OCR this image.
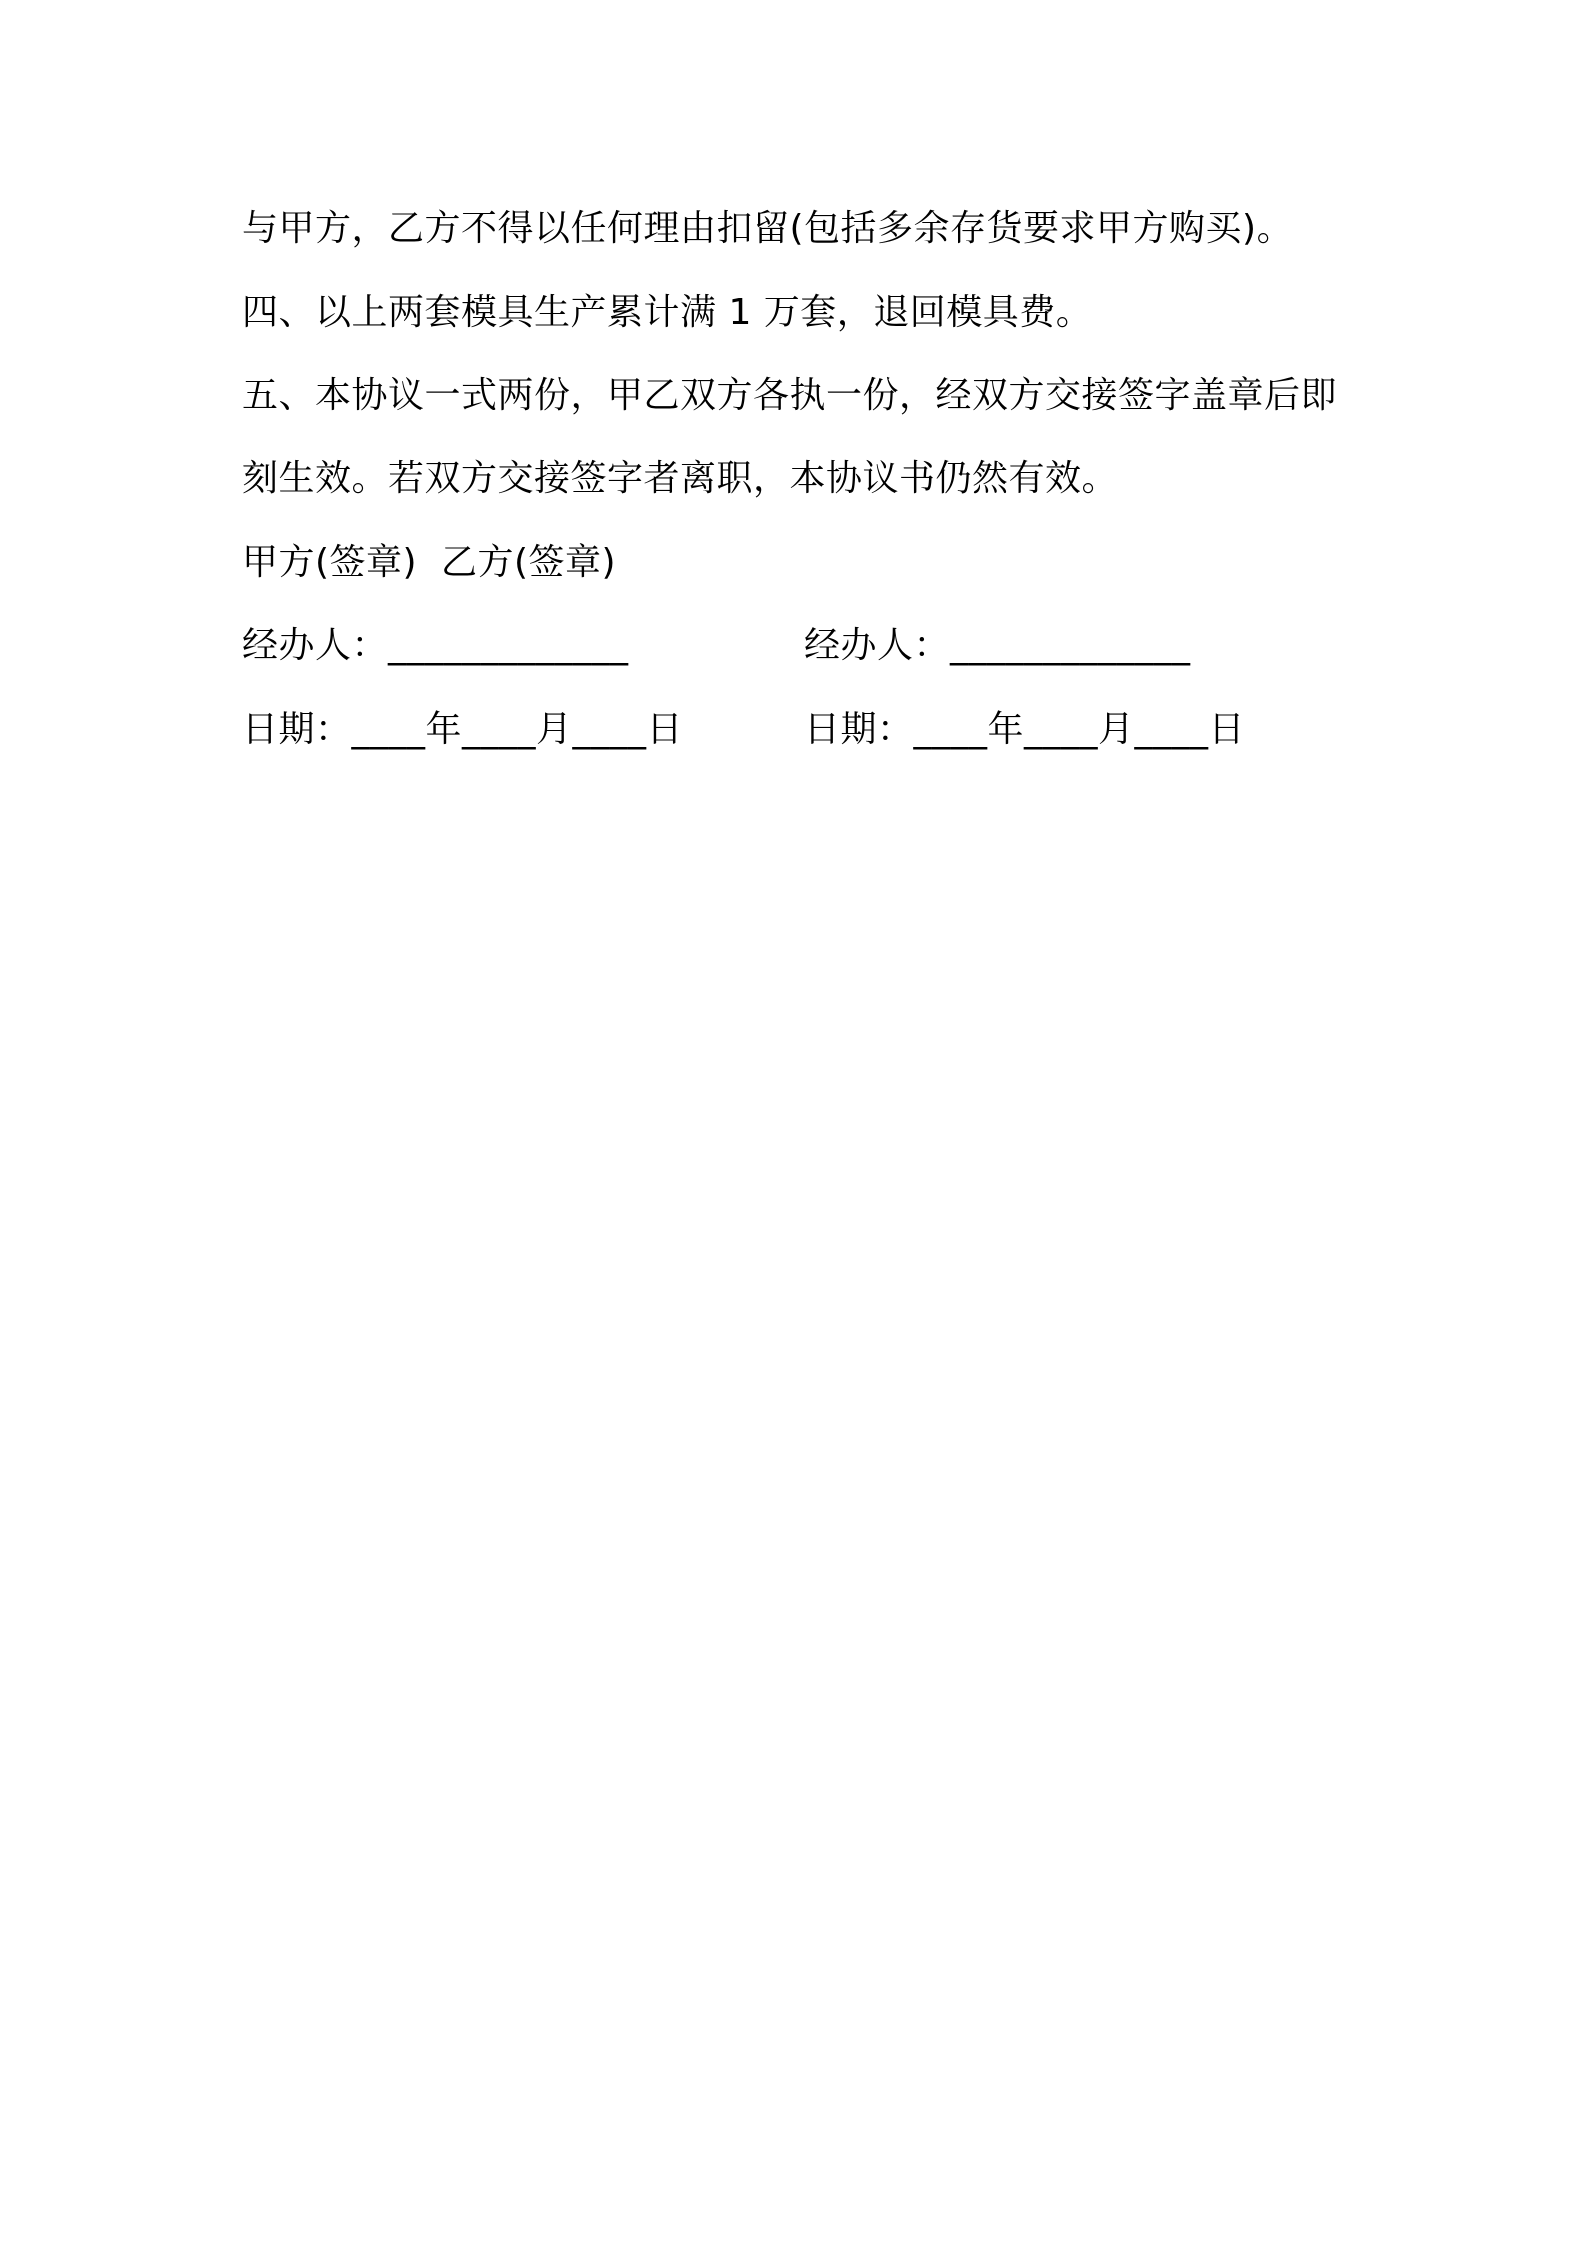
与甲方，乙方不得以任何理由扣留(包括多余存货要求甲方购买)。
四、以上两套模具生产累计满 1 万套，退回模具费。
五、本协议一式两份，甲乙双方各执一份，经双方交接签字盖章后即
刻生效。若双方交接签字者离职，本协议书仍然有效。
甲方(签章)  乙方(签章)
经办人：_____________	经办人：_____________
日期：____年____月____日	日期：____年____月____日
